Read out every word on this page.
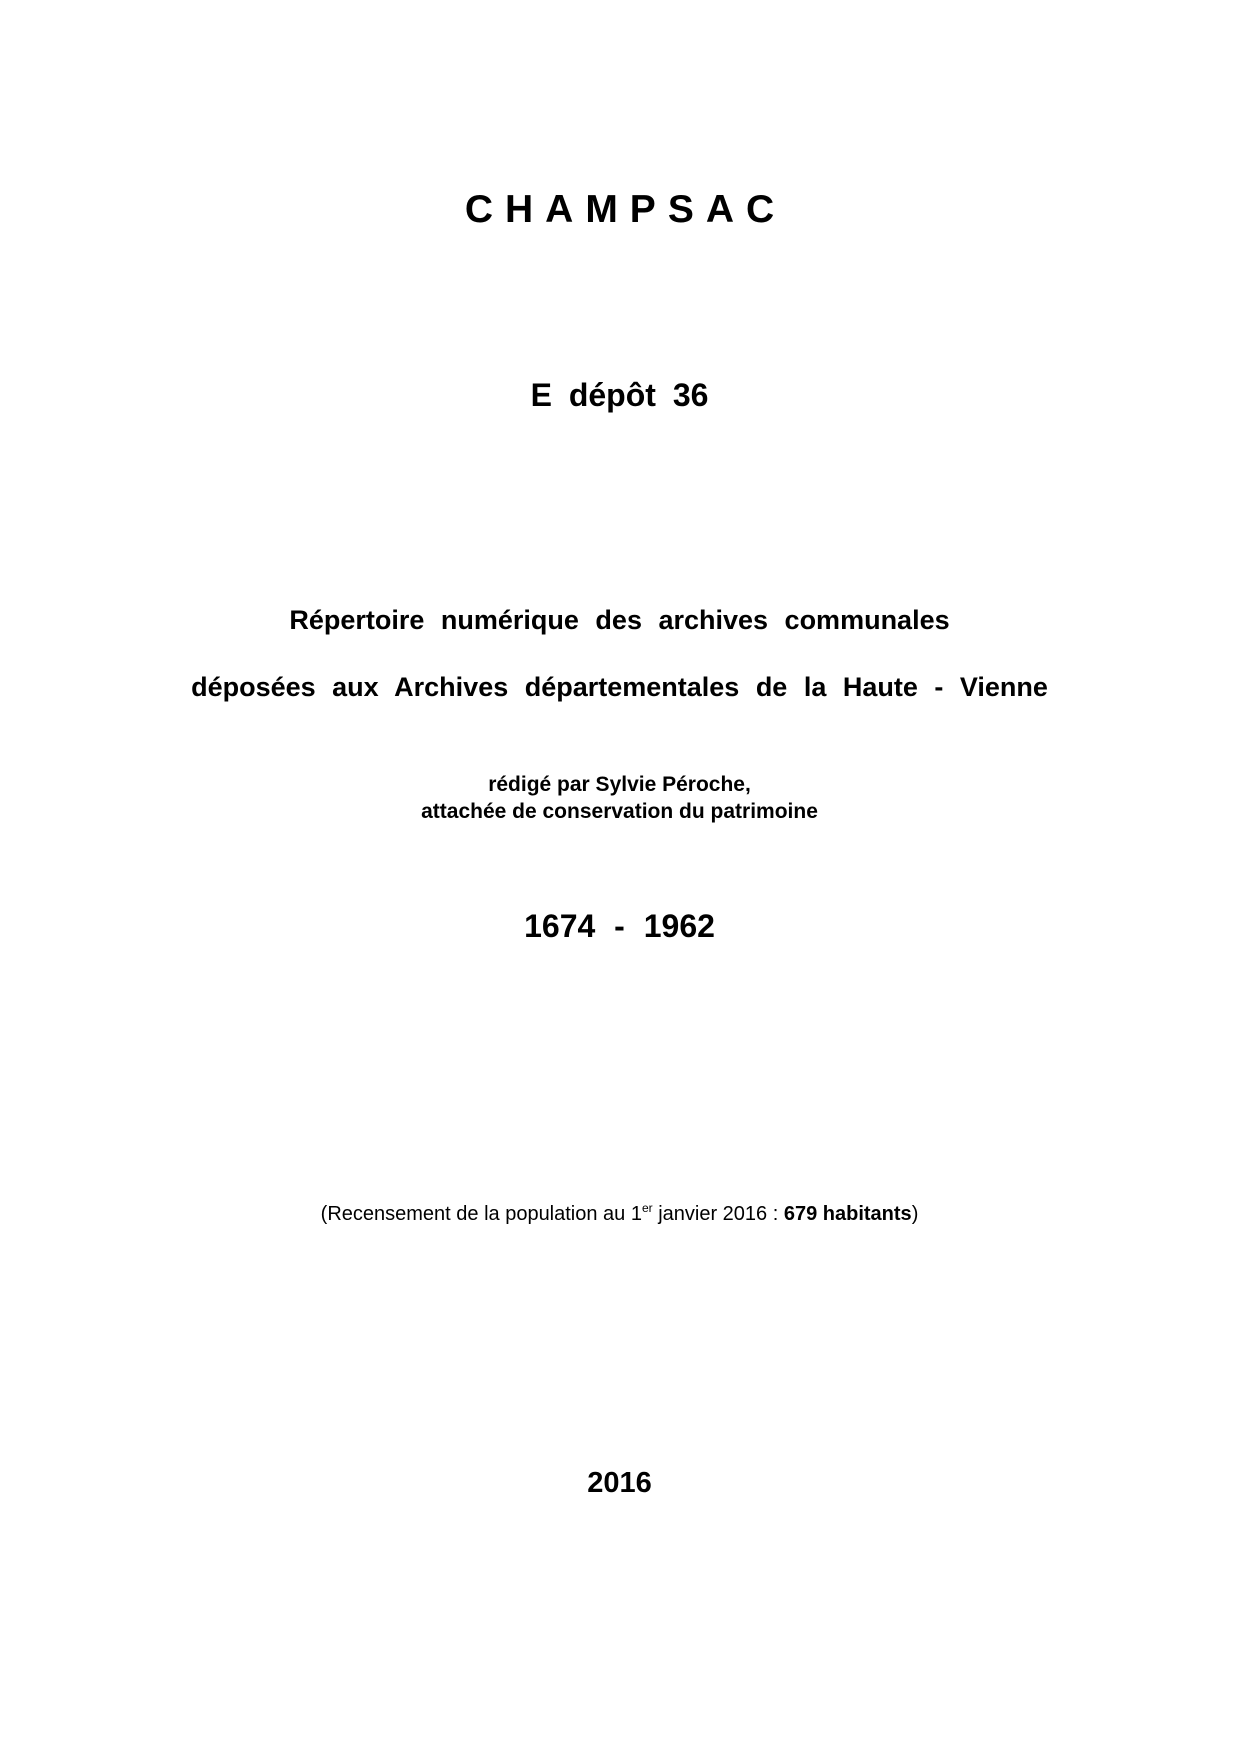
CHAMPSAC
E dépôt 36
Répertoire numérique des archives communales
déposées aux Archives départementales de la Haute - Vienne
rédigé par Sylvie Péroche,
attachée de conservation du patrimoine
1674 - 1962
(Recensement de la population au 1er janvier 2016 : 679 habitants)
2016
